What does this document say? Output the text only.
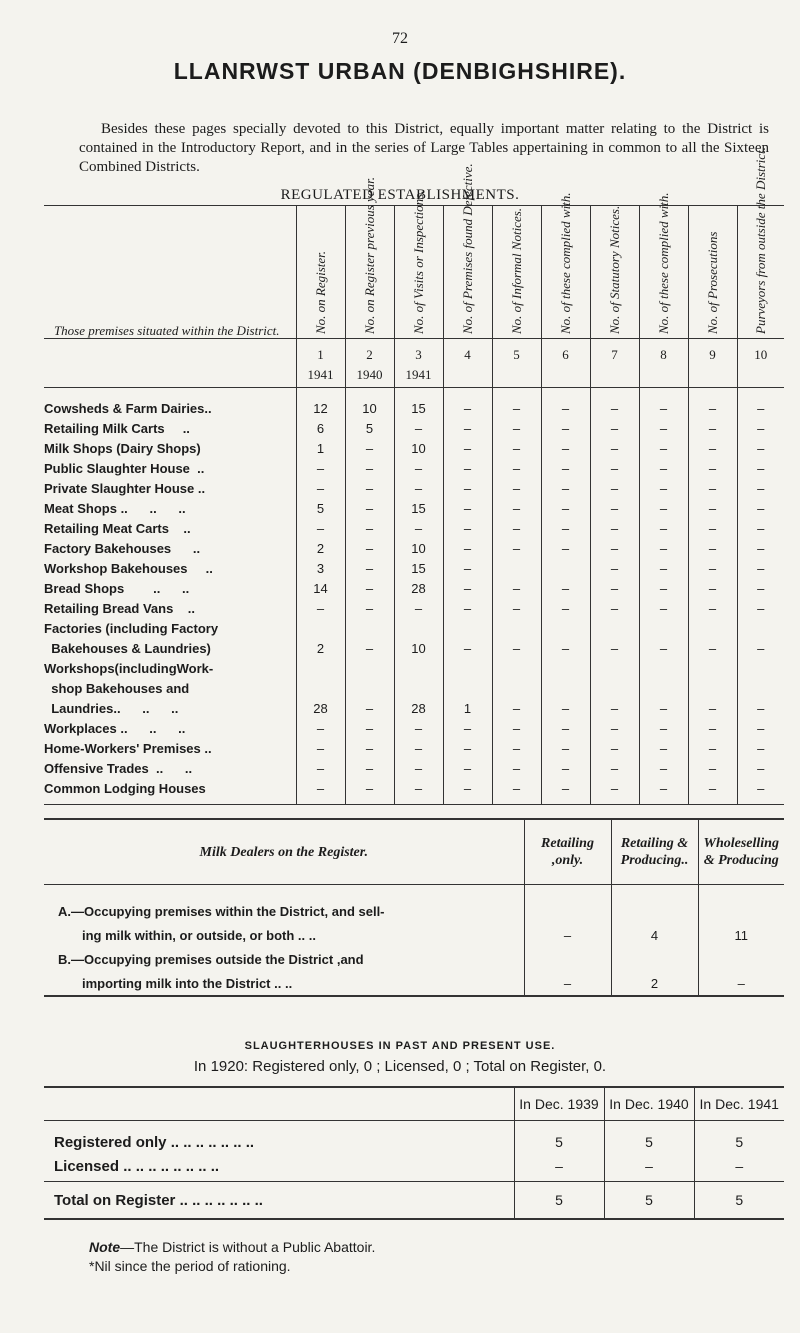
72
LLANRWST URBAN (DENBIGHSHIRE).
Besides these pages specially devoted to this District, equally important matter relating to the District is contained in the Introductory Report, and in the series of Large Tables appertaining in common to all the Sixteen Combined Districts.
REGULATED ESTABLISHMENTS.
Those premises situated within the District.	No. on Register.	No. on Register previous year.	No. of Visits or Inspections.	No. of Premises found Defective.	No. of Informal Notices.	No. of these complied with.	No. of Statutory Notices.	No. of these complied with.	No. of Prosecutions	Purveyors from outside the District.
	1	2	3	4	5	6	7	8	9	10
	1941	1940	1941							
Cowsheds & Farm Dairies..	12	10	15	–	–	–	–	–	–	–
Retailing Milk Carts     ..	6	5	–	–	–	–	–	–	–	–
Milk Shops (Dairy Shops)	1	–	10	–	–	–	–	–	–	–
Public Slaughter House  ..	–	–	–	–	–	–	–	–	–	–
Private Slaughter House ..	–	–	–	–	–	–	–	–	–	–
Meat Shops ..      ..      ..	5	–	15	–	–	–	–	–	–	–
Retailing Meat Carts    ..	–	–	–	–	–	–	–	–	–	–
Factory Bakehouses      ..	2	–	10	–	–	–	–	–	–	–
Workshop Bakehouses     ..	3	–	15	–			–	–	–	–
Bread Shops        ..      ..	14	–	28	–	–	–	–	–	–	–
Retailing Bread Vans    ..	–	–	–	–	–	–	–	–	–	–
Factories (including Factory										
Bakehouses & Laundries)	2	–	10	–	–	–	–	–	–	–
Workshops(includingWork-										
shop Bakehouses and										
Laundries..      ..      ..	28	–	28	1	–	–	–	–	–	–
Workplaces ..      ..      ..	–	–	–	–	–	–	–	–	–	–
Home-Workers' Premises ..	–	–	–	–	–	–	–	–	–	–
Offensive Trades  ..      ..	–	–	–	–	–	–	–	–	–	–
Common Lodging Houses	–	–	–	–	–	–	–	–	–	–
Milk Dealers on the Register.	Retailing ,only.	Retailing & Producing..	Wholeselling & Producing

A.—Occupying premises within the District, and sell-			
ing milk within, or outside, or both .. ..	–	4	11
B.—Occupying premises outside the District ,and			
importing milk into the District .. ..	–	2	–
SLAUGHTERHOUSES IN PAST AND PRESENT USE.
In 1920: Registered only, 0 ; Licensed, 0 ; Total on Register, 0.
	In Dec. 1939	In Dec. 1940	In Dec. 1941
Registered only .. .. .. .. .. .. ..	5	5	5
Licensed .. .. .. .. .. .. .. ..	–	–	–
Total on Register .. .. .. .. .. .. ..	5	5	5
Note—The District is without a Public Abattoir.
*Nil since the period of rationing.
